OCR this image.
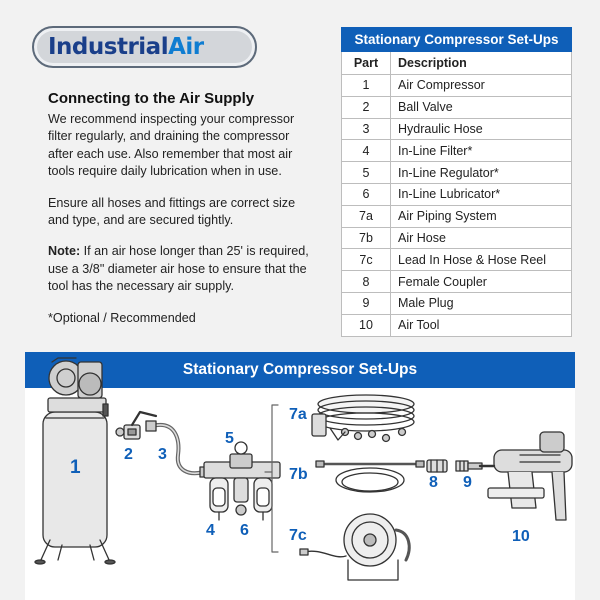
IndustrialAir
Connecting to the Air Supply

We recommend inspecting your compressor filter regularly, and draining the compressor after each use. Also remember that most air tools require daily lubrication when in use.

Ensure all hoses and fittings are correct size and type, and are secured tightly.

Note: If an air hose longer than 25' is required, use a 3/8" diameter air hose to ensure that the tool has the necessary air supply.

*Optional / Recommended

Stationary Compressor Set-Ups	
Part	Description
1	Air Compressor
2	Ball Valve
3	Hydraulic Hose
4	In-Line Filter*
5	In-Line Regulator*
6	In-Line Lubricator*
7a	Air Piping System
7b	Air Hose
7c	Lead In Hose & Hose Reel
8	Female Coupler
9	Male Plug
10	Air Tool
Stationary Compressor Set-Ups
1
2 3
4
5
6
7a
7b
7c
8 9
10
